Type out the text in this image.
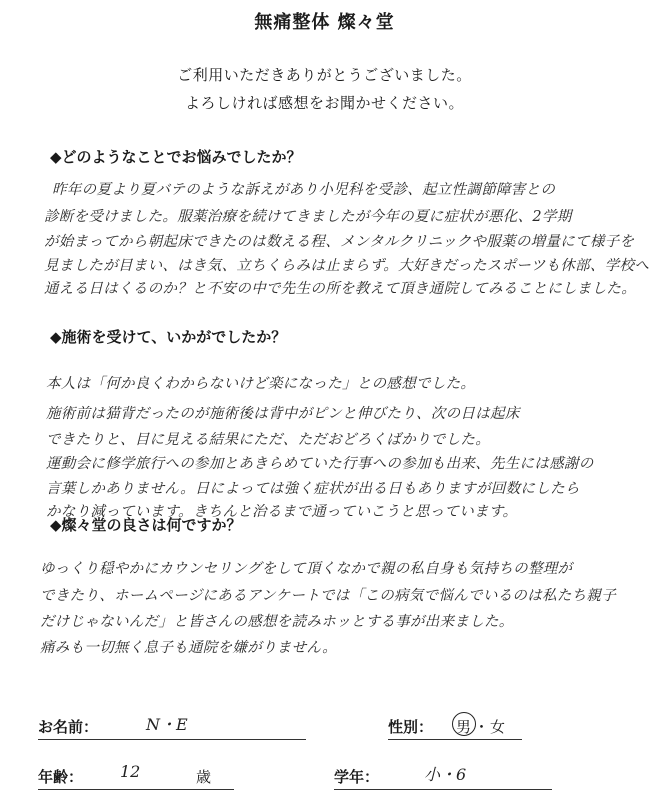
無痛整体 燦々堂
ご利用いただきありがとうございました。
よろしければ感想をお聞かせください。
◆どのようなことでお悩みでしたか？
昨年の夏より夏バテのような訴えがあり小児科を受診、起立性調節障害との
診断を受けました。服薬治療を続けてきましたが今年の夏に症状が悪化、2学期
が始まってから朝起床できたのは数える程、メンタルクリニックや服薬の増量にて様子を
見ましたが目まい、はき気、立ちくらみは止まらず。大好きだったスポーツも休部、学校へ
通える日はくるのか？と不安の中で先生の所を教えて頂き通院してみることにしました。
◆施術を受けて、いかがでしたか？
本人は「何か良くわからないけど楽になった」との感想でした。
施術前は猫背だったのが施術後は背中がピンと伸びたり、次の日は起床
できたりと、目に見える結果にただ、ただおどろくばかりでした。
運動会に修学旅行への参加とあきらめていた行事への参加も出来、先生には感謝の
言葉しかありません。日によっては強く症状が出る日もありますが回数にしたら
かなり減っています。きちんと治るまで通っていこうと思っています。
◆燦々堂の良さは何ですか？
ゆっくり穏やかにカウンセリングをして頂くなかで親の私自身も気持ちの整理が
できたり、ホームページにあるアンケートでは「この病気で悩んでいるのは私たち親子
だけじゃないんだ」と皆さんの感想を読みホッとする事が出来ました。
痛みも一切無く息子も通院を嫌がりません。
お名前：	N・E	性別： 男 ・ 女
年齢： 12	歳	学年：	小・6
